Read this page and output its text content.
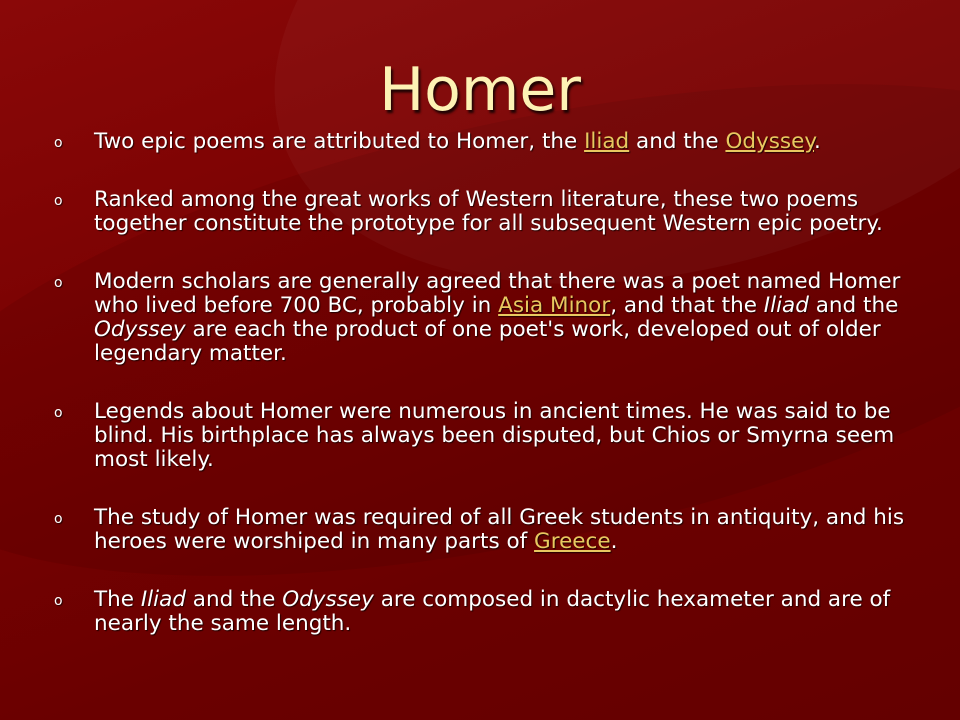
Homer
o Two epic poems are attributed to Homer, the Iliad and the Odyssey.
o Ranked among the great works of Western literature, these two poems together constitute the prototype for all subsequent Western epic poetry.
o Modern scholars are generally agreed that there was a poet named Homer who lived before 700 BC, probably in Asia Minor, and that the Iliad and the Odyssey are each the product of one poet's work, developed out of older legendary matter.
o Legends about Homer were numerous in ancient times. He was said to be blind. His birthplace has always been disputed, but Chios or Smyrna seem most likely.
o The study of Homer was required of all Greek students in antiquity, and his heroes were worshiped in many parts of Greece.
o The Iliad and the Odyssey are composed in dactylic hexameter and are of nearly the same length.
